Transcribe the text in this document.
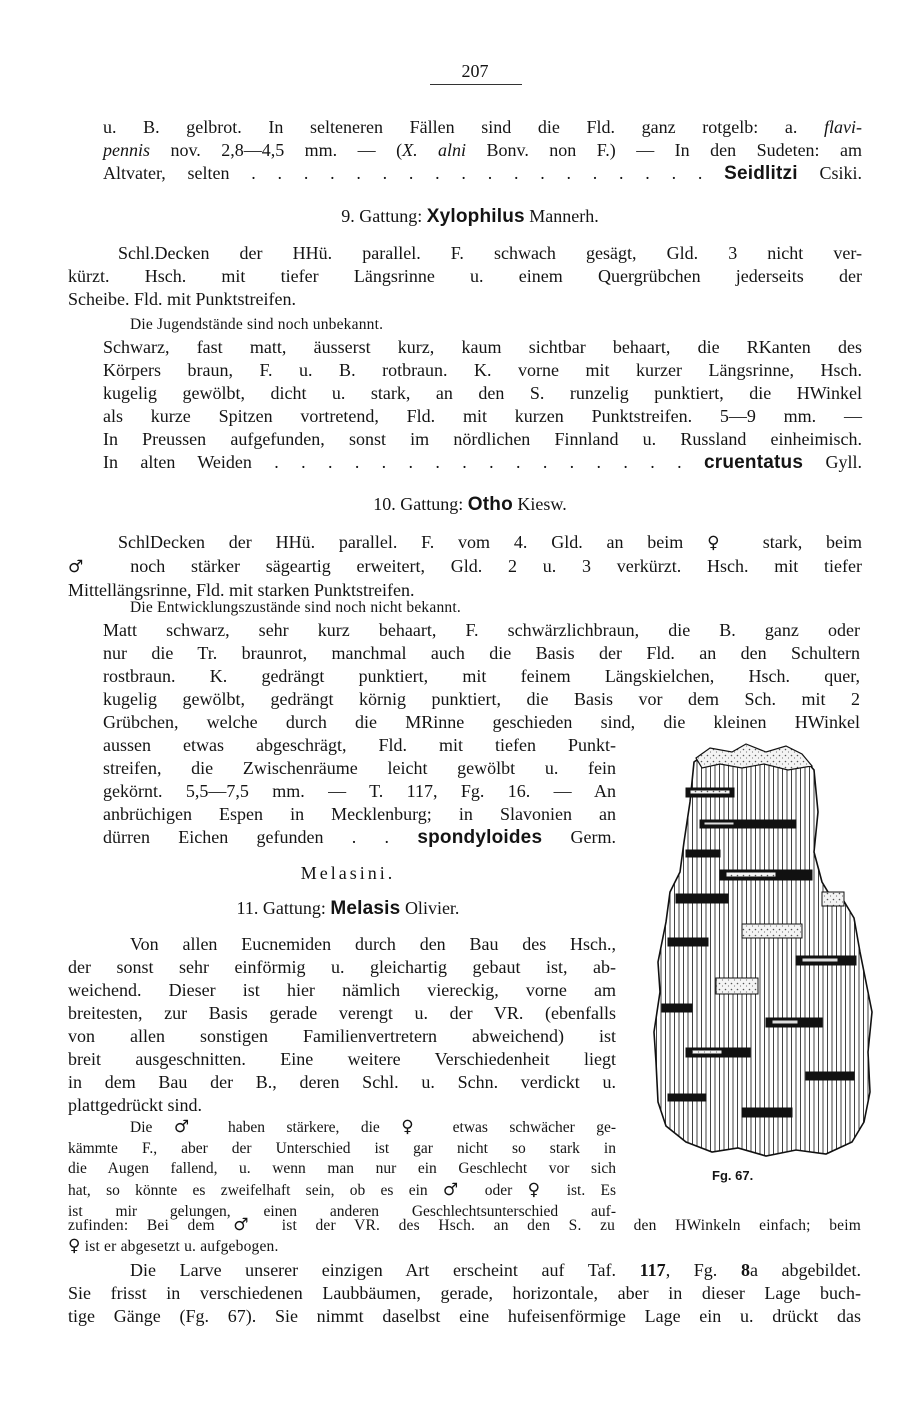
207
u. B. gelbrot. In selteneren Fällen sind die Fld. ganz rotgelb: a. flavi-
pennis nov. 2,8—4,5 mm. — (X. alni Bonv. non F.) — In den Sudeten: am
Altvater, selten . . . . . . . . . . . . . . . . . . Seidlitzi Csiki.
9. Gattung: Xylophilus Mannerh.
Schl.Decken der HHü. parallel. F. schwach gesägt, Gld. 3 nicht ver-
kürzt. Hsch. mit tiefer Längsrinne u. einem Quergrübchen jederseits der
Scheibe. Fld. mit Punktstreifen.
Die Jugendstände sind noch unbekannt.
Schwarz, fast matt, äusserst kurz, kaum sichtbar behaart, die RKanten des
Körpers braun, F. u. B. rotbraun. K. vorne mit kurzer Längsrinne, Hsch.
kugelig gewölbt, dicht u. stark, an den S. runzelig punktiert, die HWinkel
als kurze Spitzen vortretend, Fld. mit kurzen Punktstreifen. 5—9 mm. —
In Preussen aufgefunden, sonst im nördlichen Finnland u. Russland einheimisch.
In alten Weiden . . . . . . . . . . . . . . . . cruentatus Gyll.
10. Gattung: Otho Kiesw.
SchlDecken der HHü. parallel. F. vom 4. Gld. an beim ♀ stark, beim
♂ noch stärker sägeartig erweitert, Gld. 2 u. 3 verkürzt. Hsch. mit tiefer
Mittellängsrinne, Fld. mit starken Punktstreifen.
Die Entwicklungszustände sind noch nicht bekannt.
Matt schwarz, sehr kurz behaart, F. schwärzlichbraun, die B. ganz oder
nur die Tr. braunrot, manchmal auch die Basis der Fld. an den Schultern
rostbraun. K. gedrängt punktiert, mit feinem Längskielchen, Hsch. quer,
kugelig gewölbt, gedrängt körnig punktiert, die Basis vor dem Sch. mit 2
Grübchen, welche durch die MRinne geschieden sind, die kleinen HWinkel
aussen etwas abgeschrägt, Fld. mit tiefen Punkt-
streifen, die Zwischenräume leicht gewölbt u. fein
gekörnt. 5,5—7,5 mm. — T. 117, Fg. 16. — An
anbrüchigen Espen in Mecklenburg; in Slavonien an
dürren Eichen gefunden . . spondyloides Germ.
Melasini.
11. Gattung: Melasis Olivier.
Von allen Eucnemiden durch den Bau des Hsch.,
der sonst sehr einförmig u. gleichartig gebaut ist, ab-
weichend. Dieser ist hier nämlich viereckig, vorne am
breitesten, zur Basis gerade verengt u. der VR. (ebenfalls
von allen sonstigen Familienvertretern abweichend) ist
breit ausgeschnitten. Eine weitere Verschiedenheit liegt
in dem Bau der B., deren Schl. u. Schn. verdickt u.
plattgedrückt sind.
Die ♂ haben stärkere, die ♀ etwas schwächer ge-
kämmte F., aber der Unterschied ist gar nicht so stark in
die Augen fallend, u. wenn man nur ein Geschlecht vor sich
hat, so könnte es zweifelhaft sein, ob es ein ♂ oder ♀ ist. Es
ist mir gelungen, einen anderen Geschlechtsunterschied auf-
zufinden: Bei dem ♂ ist der VR. des Hsch. an den S. zu den HWinkeln einfach; beim
♀ ist er abgesetzt u. aufgebogen.
Die Larve unserer einzigen Art erscheint auf Taf. 117, Fg. 8a abgebildet.
Sie frisst in verschiedenen Laubbäumen, gerade, horizontale, aber in dieser Lage buch-
tige Gänge (Fg. 67). Sie nimmt daselbst eine hufeisenförmige Lage ein u. drückt das
Fg. 67.
